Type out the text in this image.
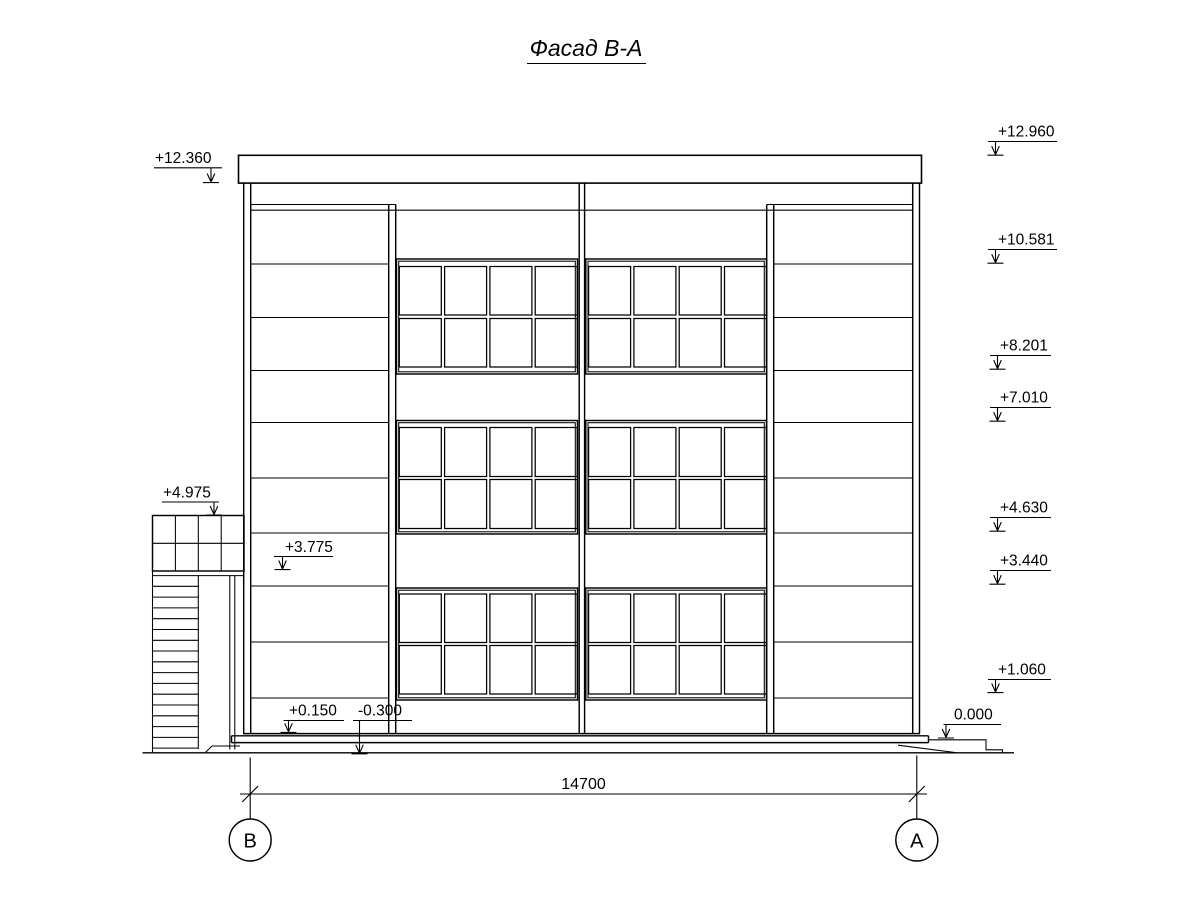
Фасад В-А
+12.360
+4.975
+3.775
+0.150 -0.300
+12.960
+10.581
+8.201
+7.010
+4.630
+3.440
+1.060
0.000
14700
В	А
